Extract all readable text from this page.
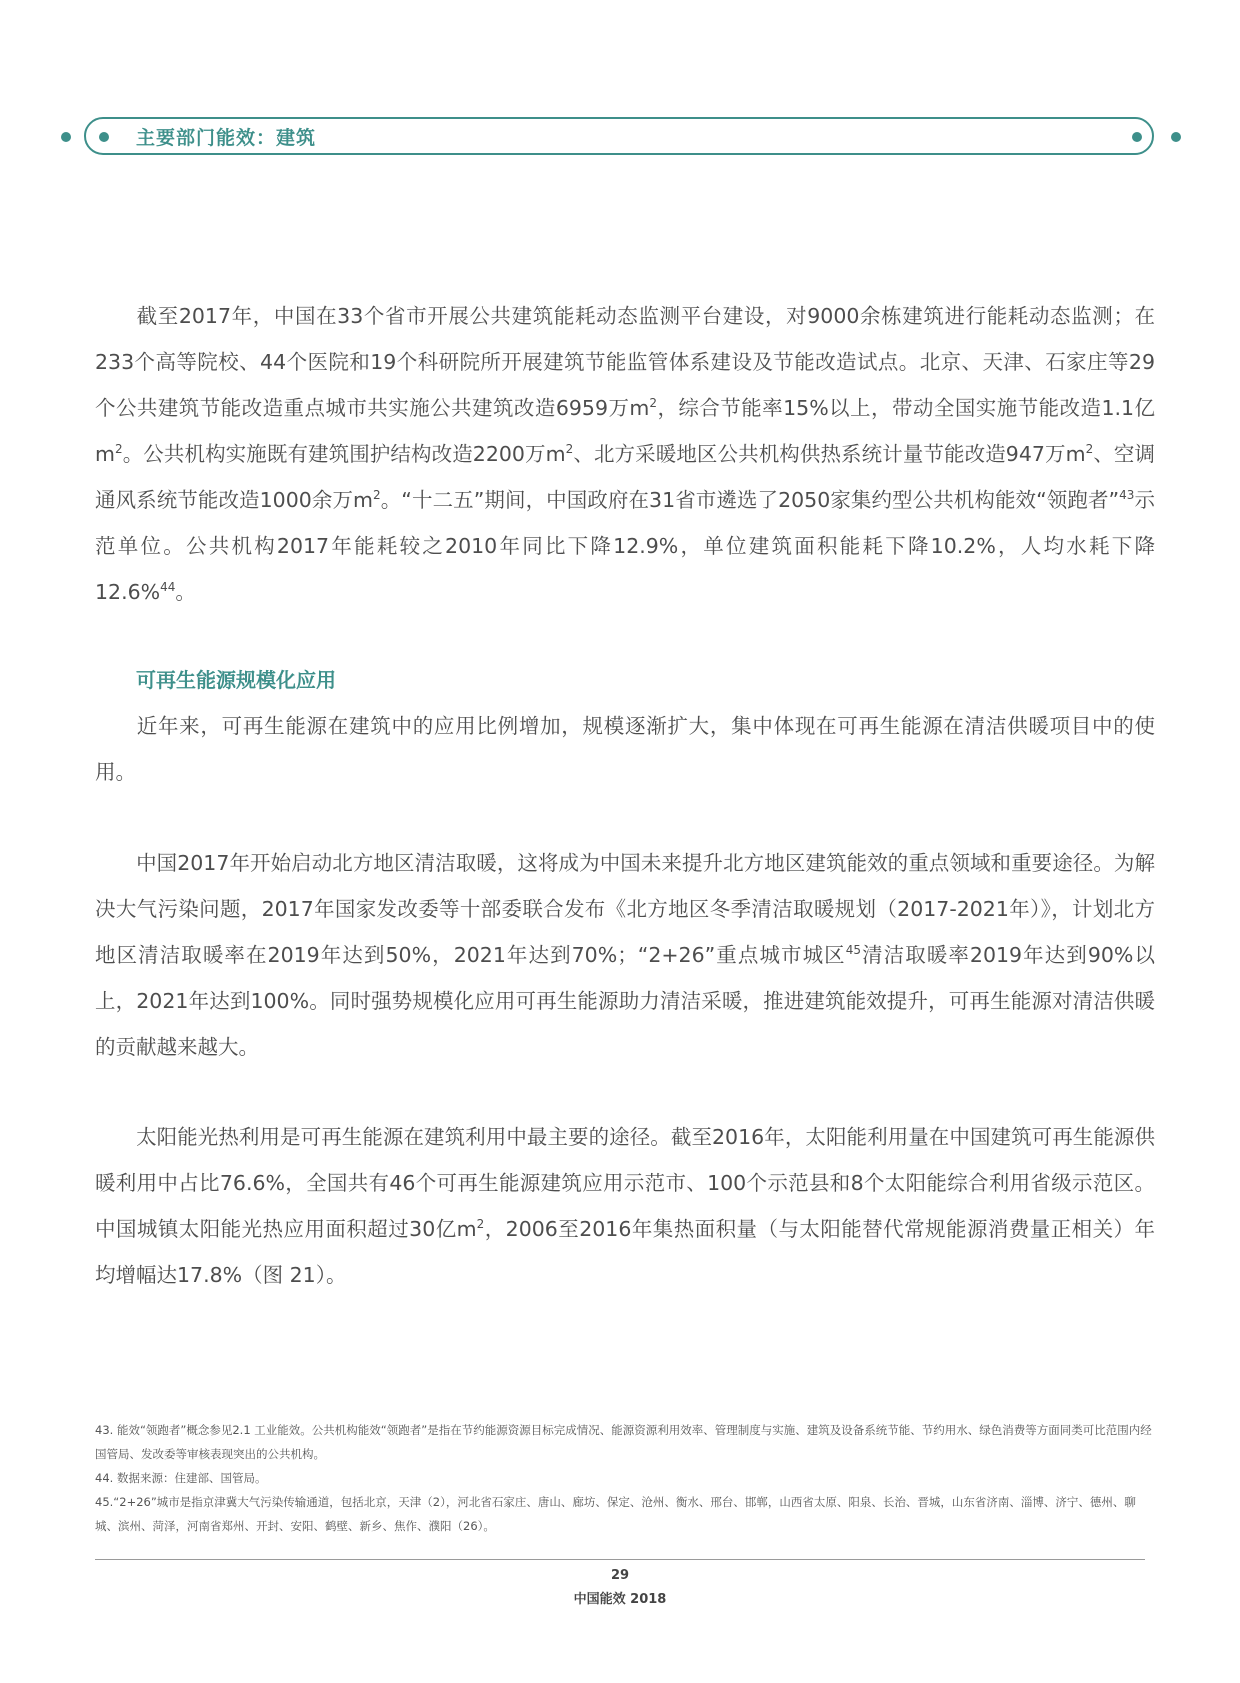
主要部门能效：建筑

截至2017年，中国在33个省市开展公共建筑能耗动态监测平台建设，对9000余栋建筑进行能耗动态监测；在233个高等院校、44个医院和19个科研院所开展建筑节能监管体系建设及节能改造试点。北京、天津、石家庄等29个公共建筑节能改造重点城市共实施公共建筑改造6959万$m^2$，综合节能率15%以上，带动全国实施节能改造1.1亿$m^2$。公共机构实施既有建筑围护结构改造2200万$m^2$、北方采暖地区公共机构供热系统计量节能改造947万$m^2$、空调通风系统节能改造1000余万$m^2$。“十二五”期间，中国政府在31省市遴选了2050家集约型公共机构能效“领跑者”$^{43}$示范单位。公共机构2017年能耗较之2010年同比下降12.9%，单位建筑面积能耗下降10.2%，人均水耗下降12.6%$^{44}$。

可再生能源规模化应用

近年来，可再生能源在建筑中的应用比例增加，规模逐渐扩大，集中体现在可再生能源在清洁供暖项目中的使用。

中国2017年开始启动北方地区清洁取暖，这将成为中国未来提升北方地区建筑能效的重点领域和重要途径。为解决大气污染问题，2017年国家发改委等十部委联合发布《北方地区冬季清洁取暖规划（2017-2021年）》，计划北方地区清洁取暖率在2019年达到50%，2021年达到70%；“2+26”重点城市城区$^{45}$清洁取暖率2019年达到90%以上，2021年达到100%。同时强势规模化应用可再生能源助力清洁采暖，推进建筑能效提升，可再生能源对清洁供暖的贡献越来越大。

太阳能光热利用是可再生能源在建筑利用中最主要的途径。截至2016年，太阳能利用量在中国建筑可再生能源供暖利用中占比76.6%，全国共有46个可再生能源建筑应用示范市、100个示范县和8个太阳能综合利用省级示范区。中国城镇太阳能光热应用面积超过30亿$m^2$，2006至2016年集热面积量（与太阳能替代常规能源消费量正相关）年均增幅达17.8%（图 21）。

43. 能效“领跑者”概念参见2.1 工业能效。公共机构能效“领跑者”是指在节约能源资源目标完成情况、能源资源利用效率、管理制度与实施、建筑及设备系统节能、节约用水、绿色消费等方面同类可比范围内经国管局、发改委等审核表现突出的公共机构。

44. 数据来源：住建部、国管局。

45.“2+26”城市是指京津冀大气污染传输通道，包括北京，天津（2），河北省石家庄、唐山、廊坊、保定、沧州、衡水、邢台、邯郸，山西省太原、阳泉、长治、晋城，山东省济南、淄博、济宁、德州、聊城、滨州、菏泽，河南省郑州、开封、安阳、鹤壁、新乡、焦作、濮阳（26）。

29
中国能效 2018
